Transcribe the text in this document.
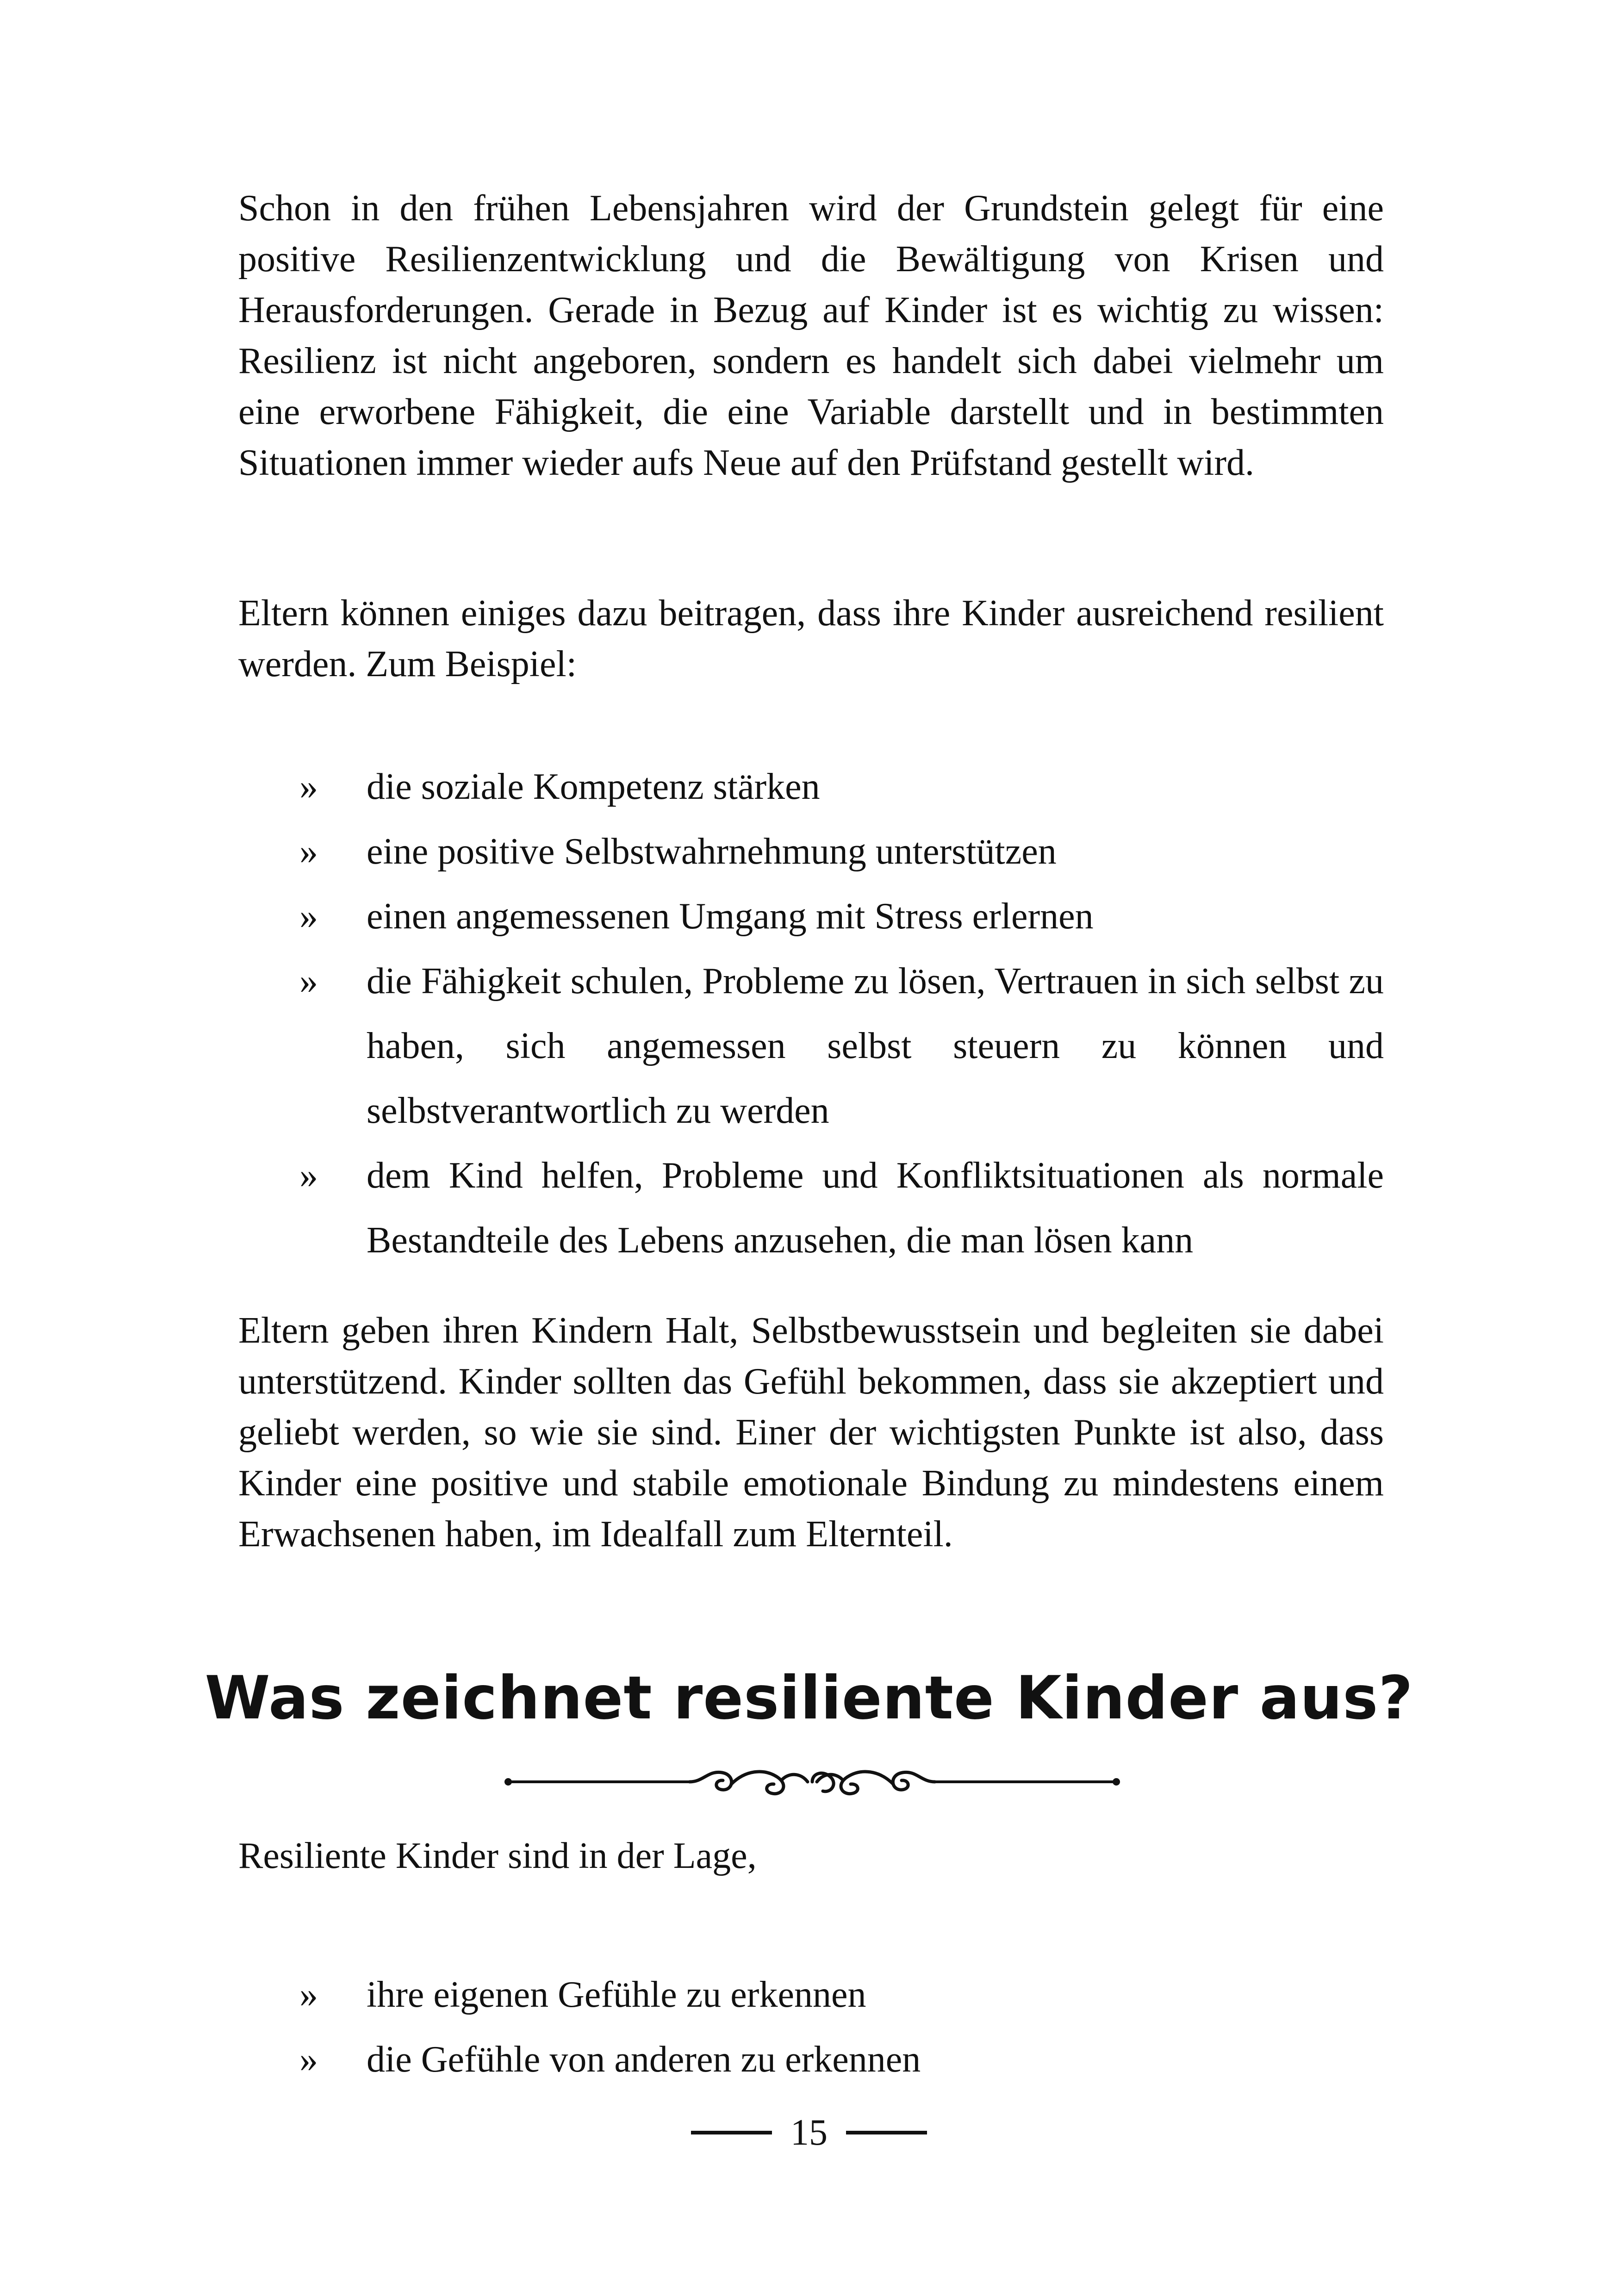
Schon in den frühen Lebensjahren wird der Grundstein gelegt für eine positive Resilienzentwicklung und die Bewältigung von Krisen und Herausforderungen. Gerade in Bezug auf Kinder ist es wichtig zu wissen: Resilienz ist nicht angeboren, sondern es handelt sich dabei vielmehr um eine erworbene Fähigkeit, die eine Variable darstellt und in bestimmten Situationen immer wieder aufs Neue auf den Prüfstand gestellt wird.

Eltern können einiges dazu beitragen, dass ihre Kinder ausreichend resilient werden. Zum Beispiel:

» die soziale Kompetenz stärken
» eine positive Selbstwahrnehmung unterstützen
» einen angemessenen Umgang mit Stress erlernen
» die Fähigkeit schulen, Probleme zu lösen, Vertrauen in sich selbst zu haben, sich angemessen selbst steuern zu können und selbstverantwortlich zu werden
» dem Kind helfen, Probleme und Konfliktsituationen als normale Bestandteile des Lebens anzusehen, die man lösen kann

Eltern geben ihren Kindern Halt, Selbstbewusstsein und begleiten sie dabei unterstützend. Kinder sollten das Gefühl bekommen, dass sie akzeptiert und geliebt werden, so wie sie sind. Einer der wichtigsten Punkte ist also, dass Kinder eine positive und stabile emotionale Bindung zu mindestens einem Erwachsenen haben, im Idealfall zum Elternteil.

Was zeichnet resiliente Kinder aus?

Resiliente Kinder sind in der Lage,

» ihre eigenen Gefühle zu erkennen
» die Gefühle von anderen zu erkennen
15
